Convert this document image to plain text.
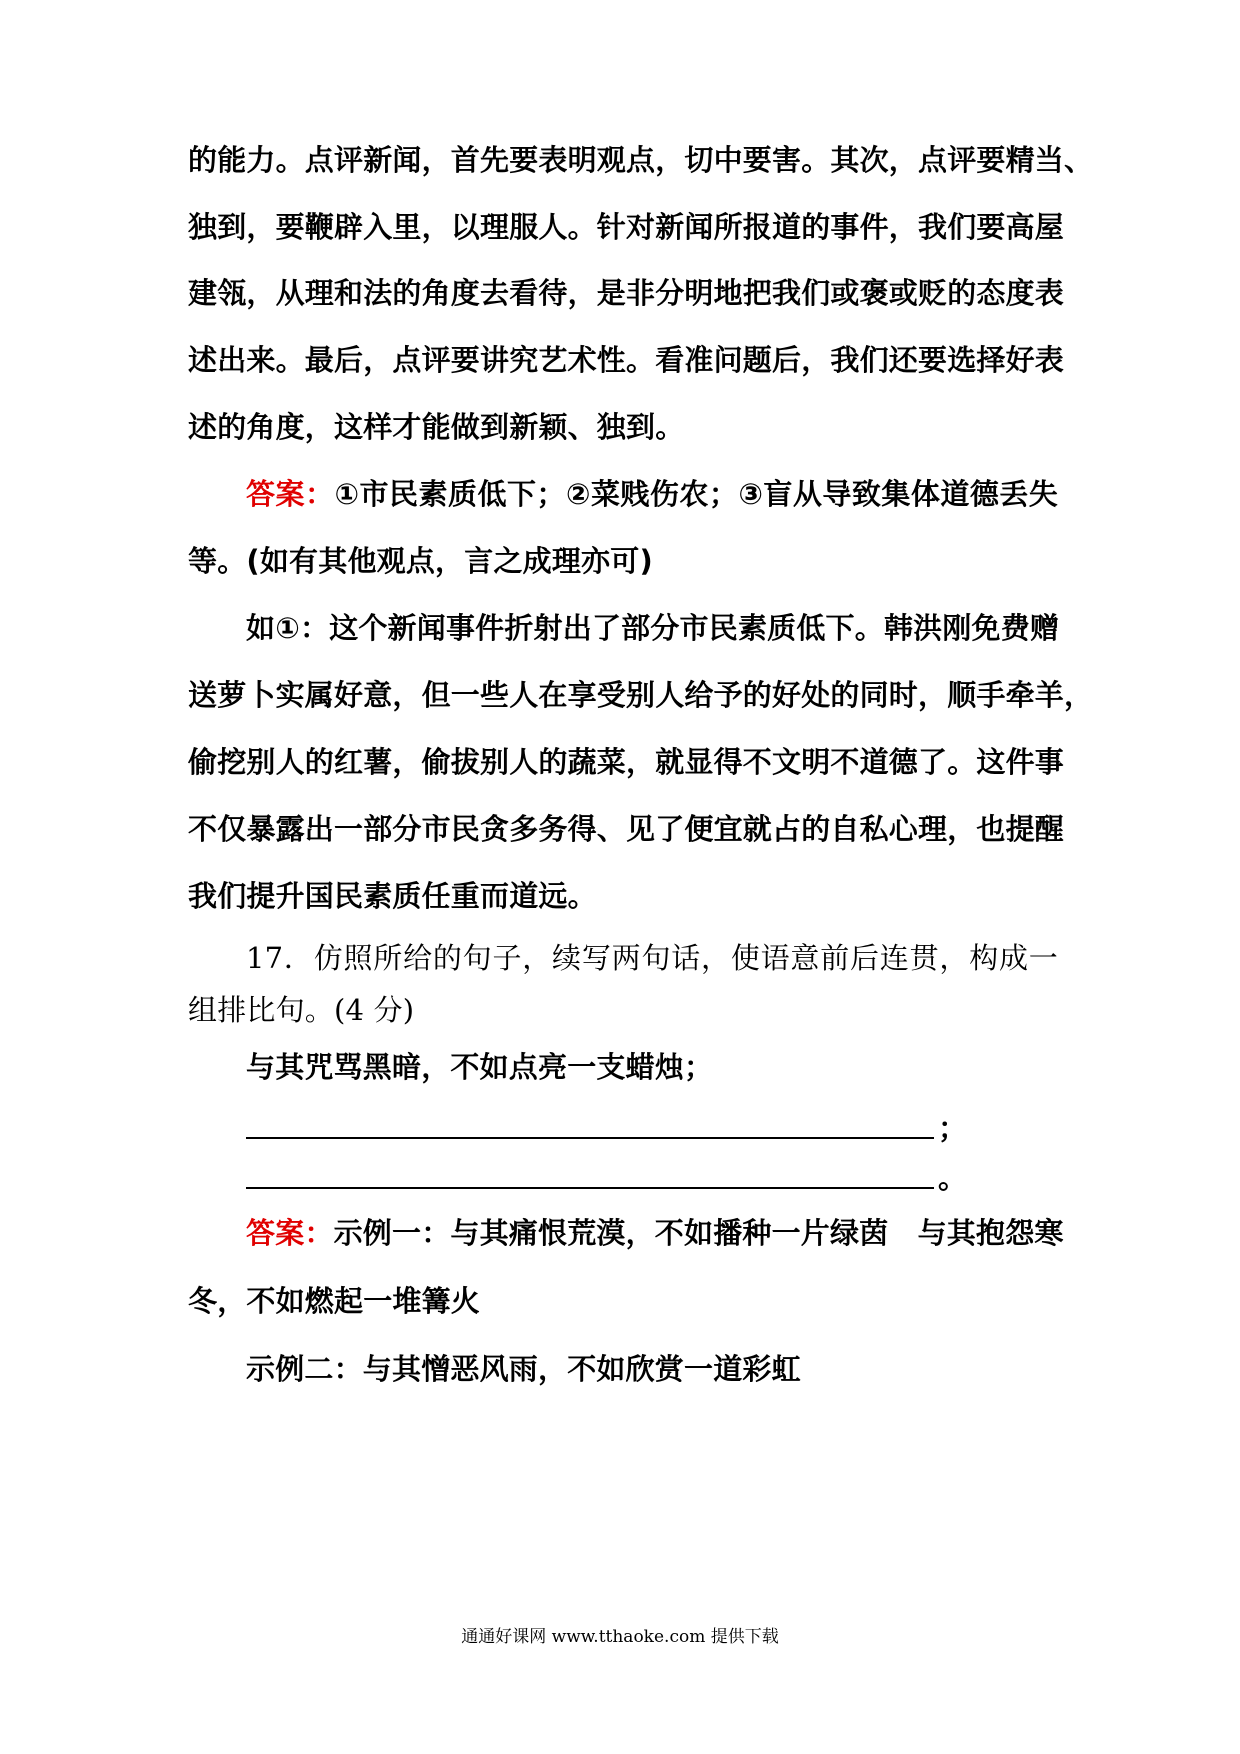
的能力。点评新闻，首先要表明观点，切中要害。其次，点评要精当、
独到，要鞭辟入里，以理服人。针对新闻所报道的事件，我们要高屋
建瓴，从理和法的角度去看待，是非分明地把我们或褒或贬的态度表
述出来。最后，点评要讲究艺术性。看准问题后，我们还要选择好表
述的角度，这样才能做到新颖、独到。
答案：①市民素质低下；②菜贱伤农；③盲从导致集体道德丢失
等。(如有其他观点，言之成理亦可)
如①：这个新闻事件折射出了部分市民素质低下。韩洪刚免费赠
送萝卜实属好意，但一些人在享受别人给予的好处的同时，顺手牵羊，
偷挖别人的红薯，偷拔别人的蔬菜，就显得不文明不道德了。这件事
不仅暴露出一部分市民贪多务得、见了便宜就占的自私心理，也提醒
我们提升国民素质任重而道远。
17．仿照所给的句子，续写两句话，使语意前后连贯，构成一
组排比句。(4 分)
与其咒骂黑暗，不如点亮一支蜡烛；
；
。
答案：示例一：与其痛恨荒漠，不如播种一片绿茵　与其抱怨寒
冬，不如燃起一堆篝火
示例二：与其憎恶风雨，不如欣赏一道彩虹
通通好课网 www.tthaoke.com 提供下载
